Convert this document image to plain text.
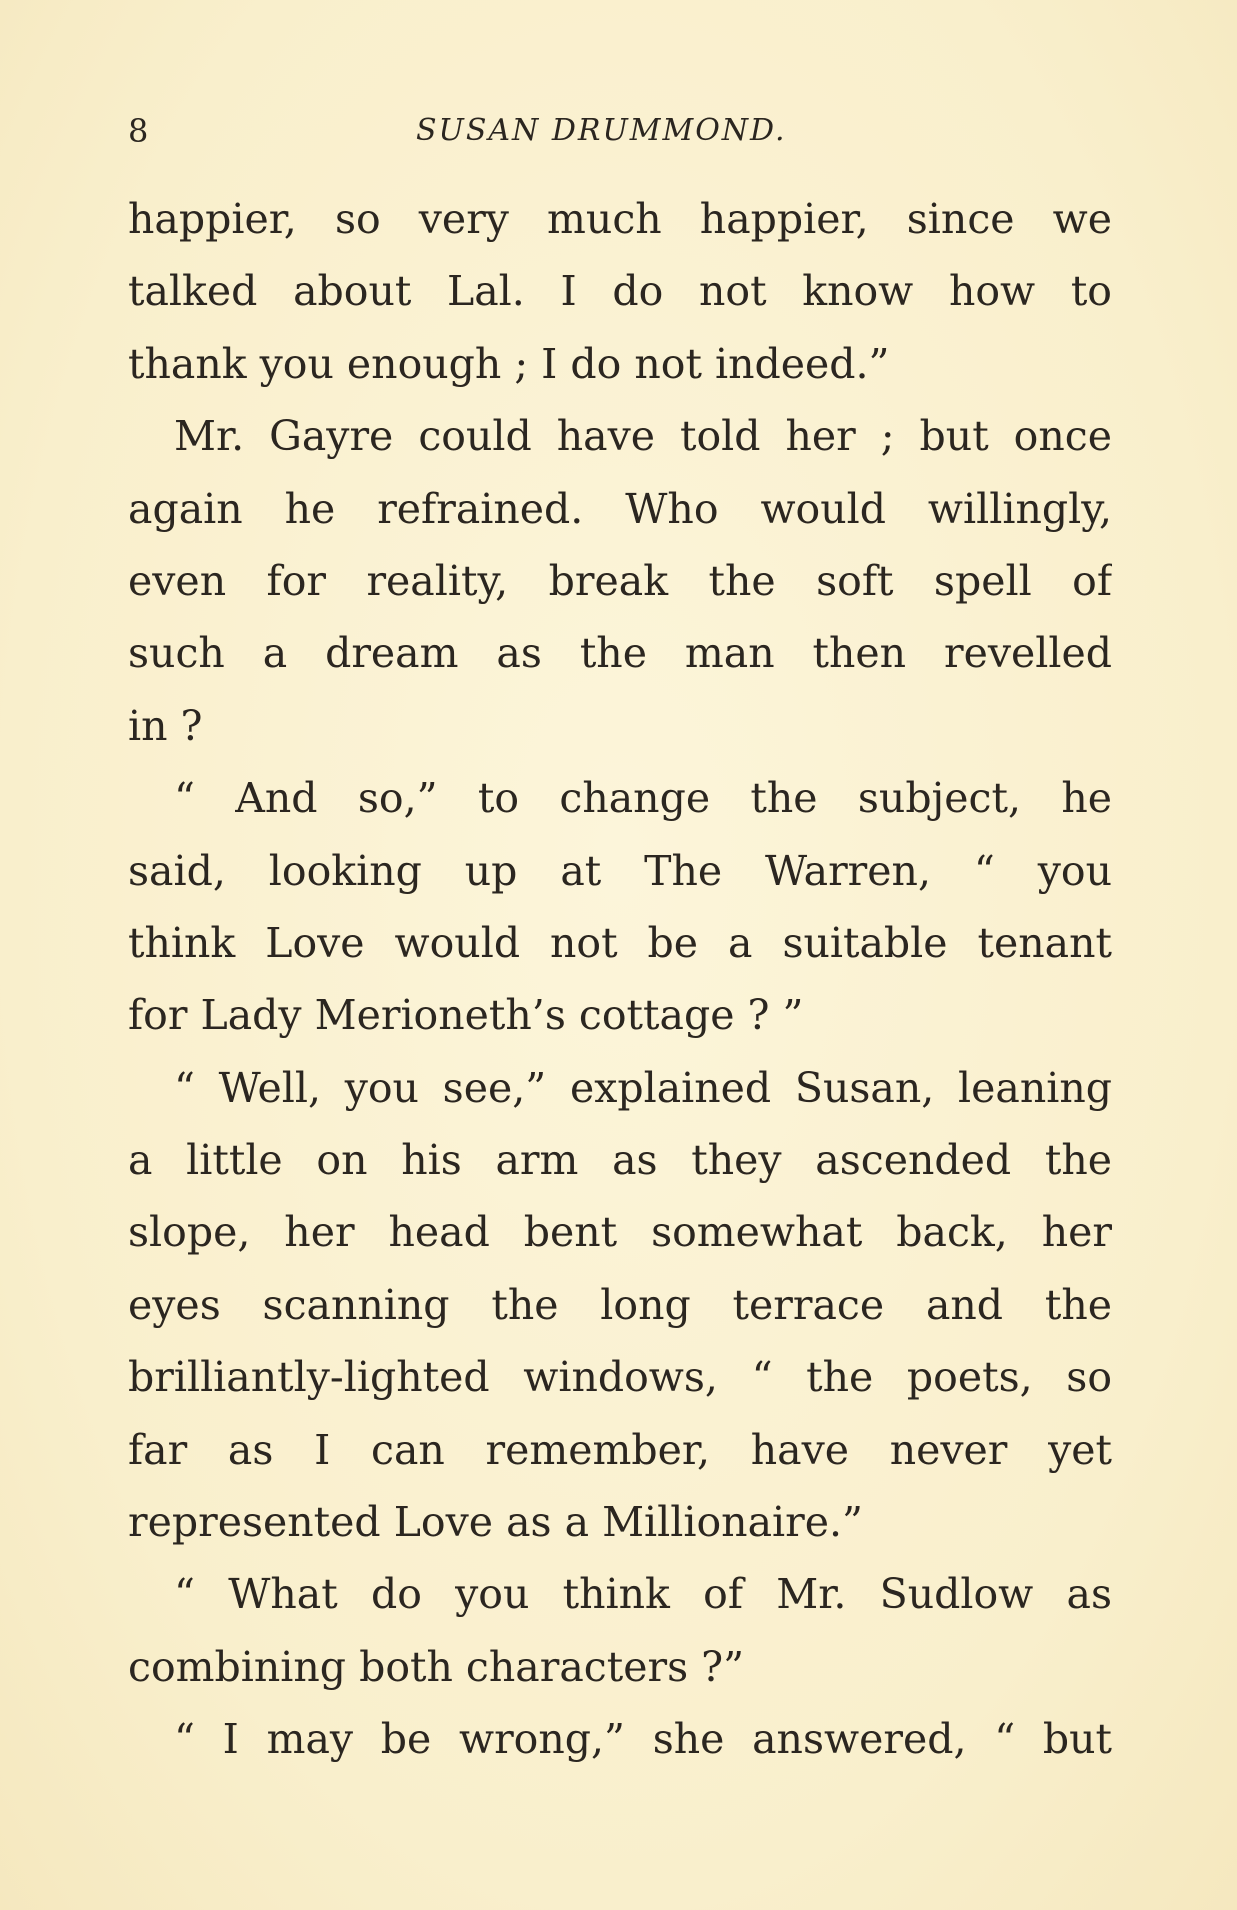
8	SUSAN DRUMMOND.
happier, so very much happier, since we
talked about Lal. I do not know how to
thank you enough ; I do not indeed.”
Mr. Gayre could have told her ; but once
again he refrained. Who would willingly,
even for reality, break the soft spell of
such a dream as the man then revelled
in ?
“ And so,” to change the subject, he
said, looking up at The Warren, “ you
think Love would not be a suitable tenant
for Lady Merioneth’s cottage ? ”
“ Well, you see,” explained Susan, leaning
a little on his arm as they ascended the
slope, her head bent somewhat back, her
eyes scanning the long terrace and the
brilliantly-lighted windows, “ the poets, so
far as I can remember, have never yet
represented Love as a Millionaire.”
“ What do you think of Mr. Sudlow as
combining both characters ?”
“ I may be wrong,” she answered, “ but
